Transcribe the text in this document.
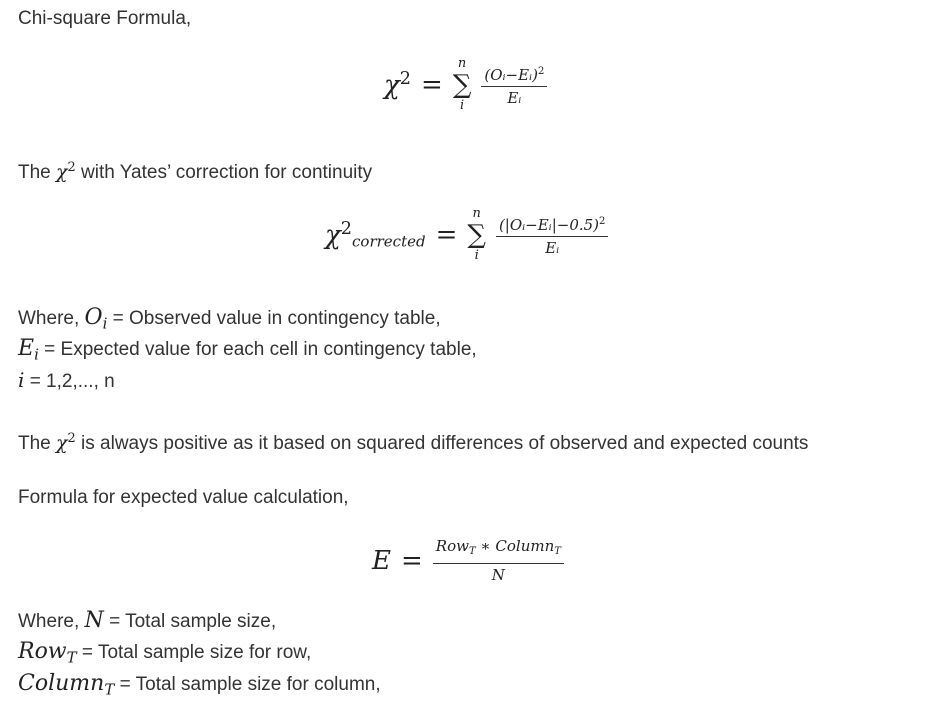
Chi-square Formula,
$\chi^2$ =
n
∑
i $\frac{(Oᵢ-Eᵢ)^2}{\text{Eᵢ}}$
The $\chi^2$ with Yates’ correction for continuity
$\chi^2corrected$ =
n
∑
i $\frac{(|Oᵢ-Eᵢ|-0.5)^2}{\text{Eᵢ}}$
Where, $O_i$ = Observed value in contingency table,
$E_i$ = Expected value for each cell in contingency table,
i = 1,2,..., n
The $\chi^2$ is always positive as it based on squared differences of observed and expected counts
Formula for expected value calculation,
$E = \frac{Row_T ∗ Column_T}{N}$
Where, N = Total sample size,
Row$_T$ = Total sample size for row,
Column$_T$ = Total sample size for column,
